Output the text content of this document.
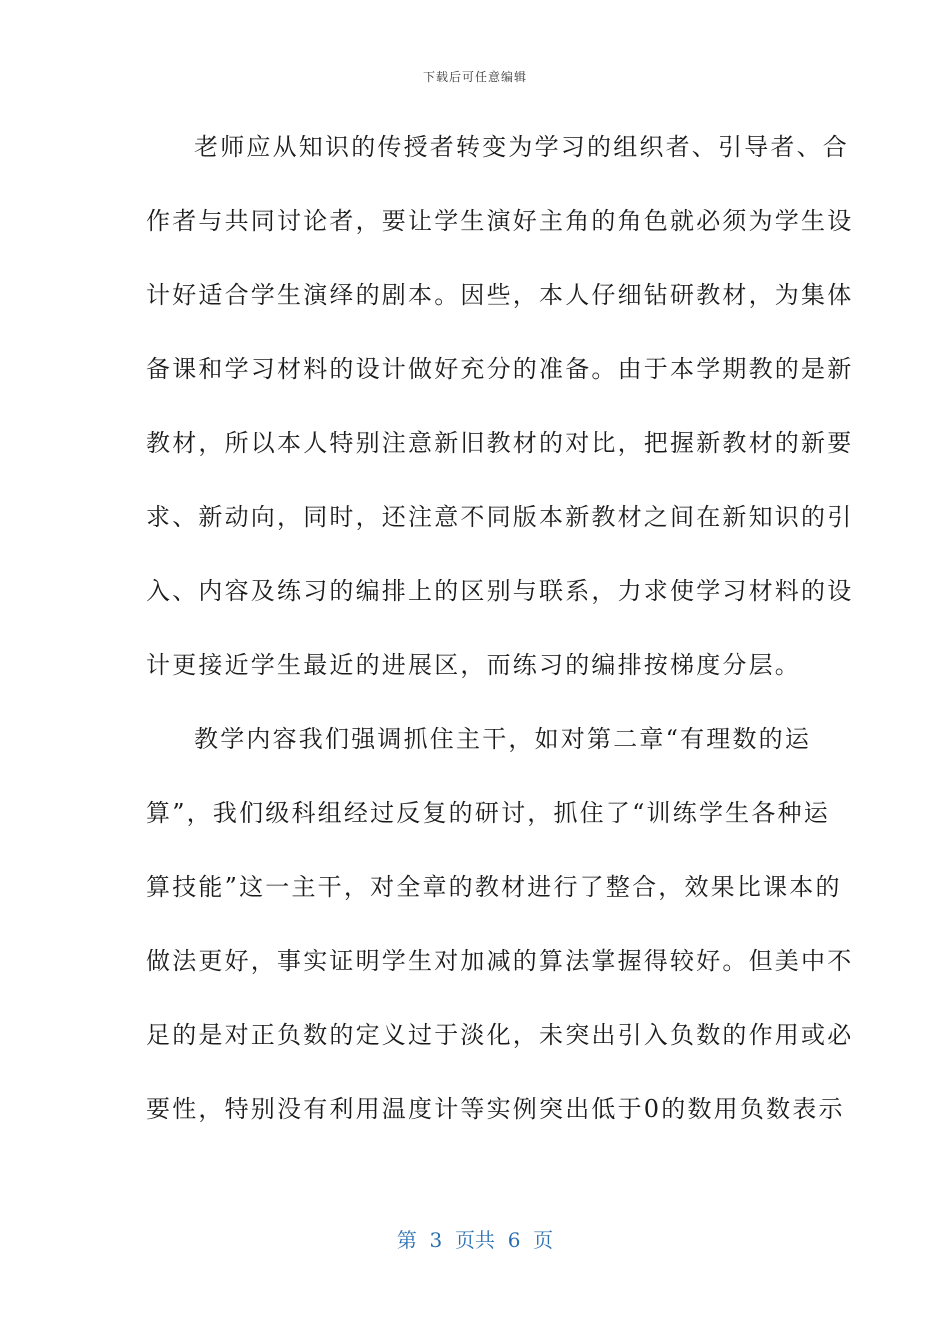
下载后可任意编辑
老师应从知识的传授者转变为学习的组织者、引导者、合
作者与共同讨论者，要让学生演好主角的角色就必须为学生设
计好适合学生演绎的剧本。因些，本人仔细钻研教材，为集体
备课和学习材料的设计做好充分的准备。由于本学期教的是新
教材，所以本人特别注意新旧教材的对比，把握新教材的新要
求、新动向，同时，还注意不同版本新教材之间在新知识的引
入、内容及练习的编排上的区别与联系，力求使学习材料的设
计更接近学生最近的进展区，而练习的编排按梯度分层。
教学内容我们强调抓住主干，如对第二章“有理数的运
算”，我们级科组经过反复的研讨，抓住了“训练学生各种运
算技能”这一主干，对全章的教材进行了整合，效果比课本的
做法更好，事实证明学生对加减的算法掌握得较好。但美中不
足的是对正负数的定义过于淡化，未突出引入负数的作用或必
要性，特别没有利用温度计等实例突出低于0的数用负数表示
第  3  页共  6  页
